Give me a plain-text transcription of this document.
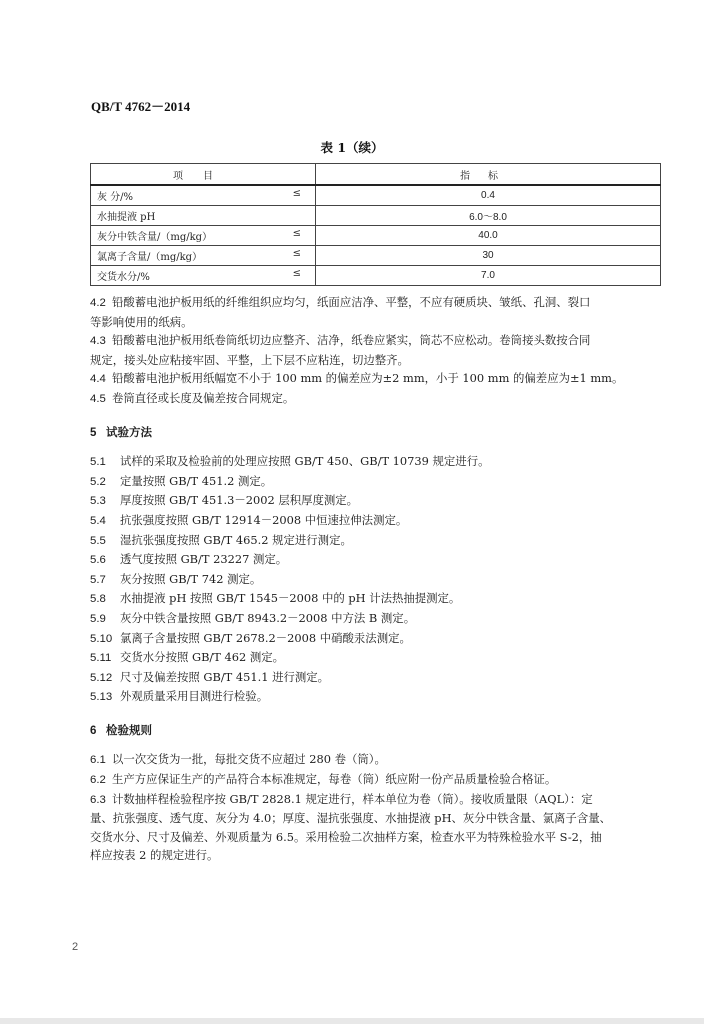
QB/T 4762－2014
表 1（续）
项目	指标
灰 分/% ≤	0.4
水抽提液 pH	6.0～8.0
灰分中铁含量/（mg/kg） ≤	40.0
氯离子含量/（mg/kg） ≤	30
交货水分/% ≤	7.0
4.2 铅酸蓄电池护板用纸的纤维组织应均匀，纸面应洁净、平整，不应有硬质块、皱纸、孔洞、裂口
等影响使用的纸病。
4.3 铅酸蓄电池护板用纸卷筒纸切边应整齐、洁净，纸卷应紧实，筒芯不应松动。卷筒接头数按合同
规定，接头处应粘接牢固、平整，上下层不应粘连，切边整齐。
4.4 铅酸蓄电池护板用纸幅宽不小于 100 mm 的偏差应为±2 mm，小于 100 mm 的偏差应为±1 mm。
4.5 卷筒直径或长度及偏差按合同规定。
5 试验方法
5.1 试样的采取及检验前的处理应按照 GB/T 450、GB/T 10739 规定进行。
5.2 定量按照 GB/T 451.2 测定。
5.3 厚度按照 GB/T 451.3－2002 层积厚度测定。
5.4 抗张强度按照 GB/T 12914－2008 中恒速拉伸法测定。
5.5 湿抗张强度按照 GB/T 465.2 规定进行测定。
5.6 透气度按照 GB/T 23227 测定。
5.7 灰分按照 GB/T 742 测定。
5.8 水抽提液 pH 按照 GB/T 1545－2008 中的 pH 计法热抽提测定。
5.9 灰分中铁含量按照 GB/T 8943.2－2008 中方法 B 测定。
5.10 氯离子含量按照 GB/T 2678.2－2008 中硝酸汞法测定。
5.11 交货水分按照 GB/T 462 测定。
5.12 尺寸及偏差按照 GB/T 451.1 进行测定。
5.13 外观质量采用目测进行检验。
6 检验规则
6.1 以一次交货为一批，每批交货不应超过 280 卷（筒）。
6.2 生产方应保证生产的产品符合本标准规定，每卷（筒）纸应附一份产品质量检验合格证。
6.3 计数抽样程检验程序按 GB/T 2828.1 规定进行，样本单位为卷（筒）。接收质量限（AQL）：定
量、抗张强度、透气度、灰分为 4.0；厚度、湿抗张强度、水抽提液 pH、灰分中铁含量、氯离子含量、
交货水分、尺寸及偏差、外观质量为 6.5。采用检验二次抽样方案，检查水平为特殊检验水平 S-2，抽
样应按表 2 的规定进行。
2
